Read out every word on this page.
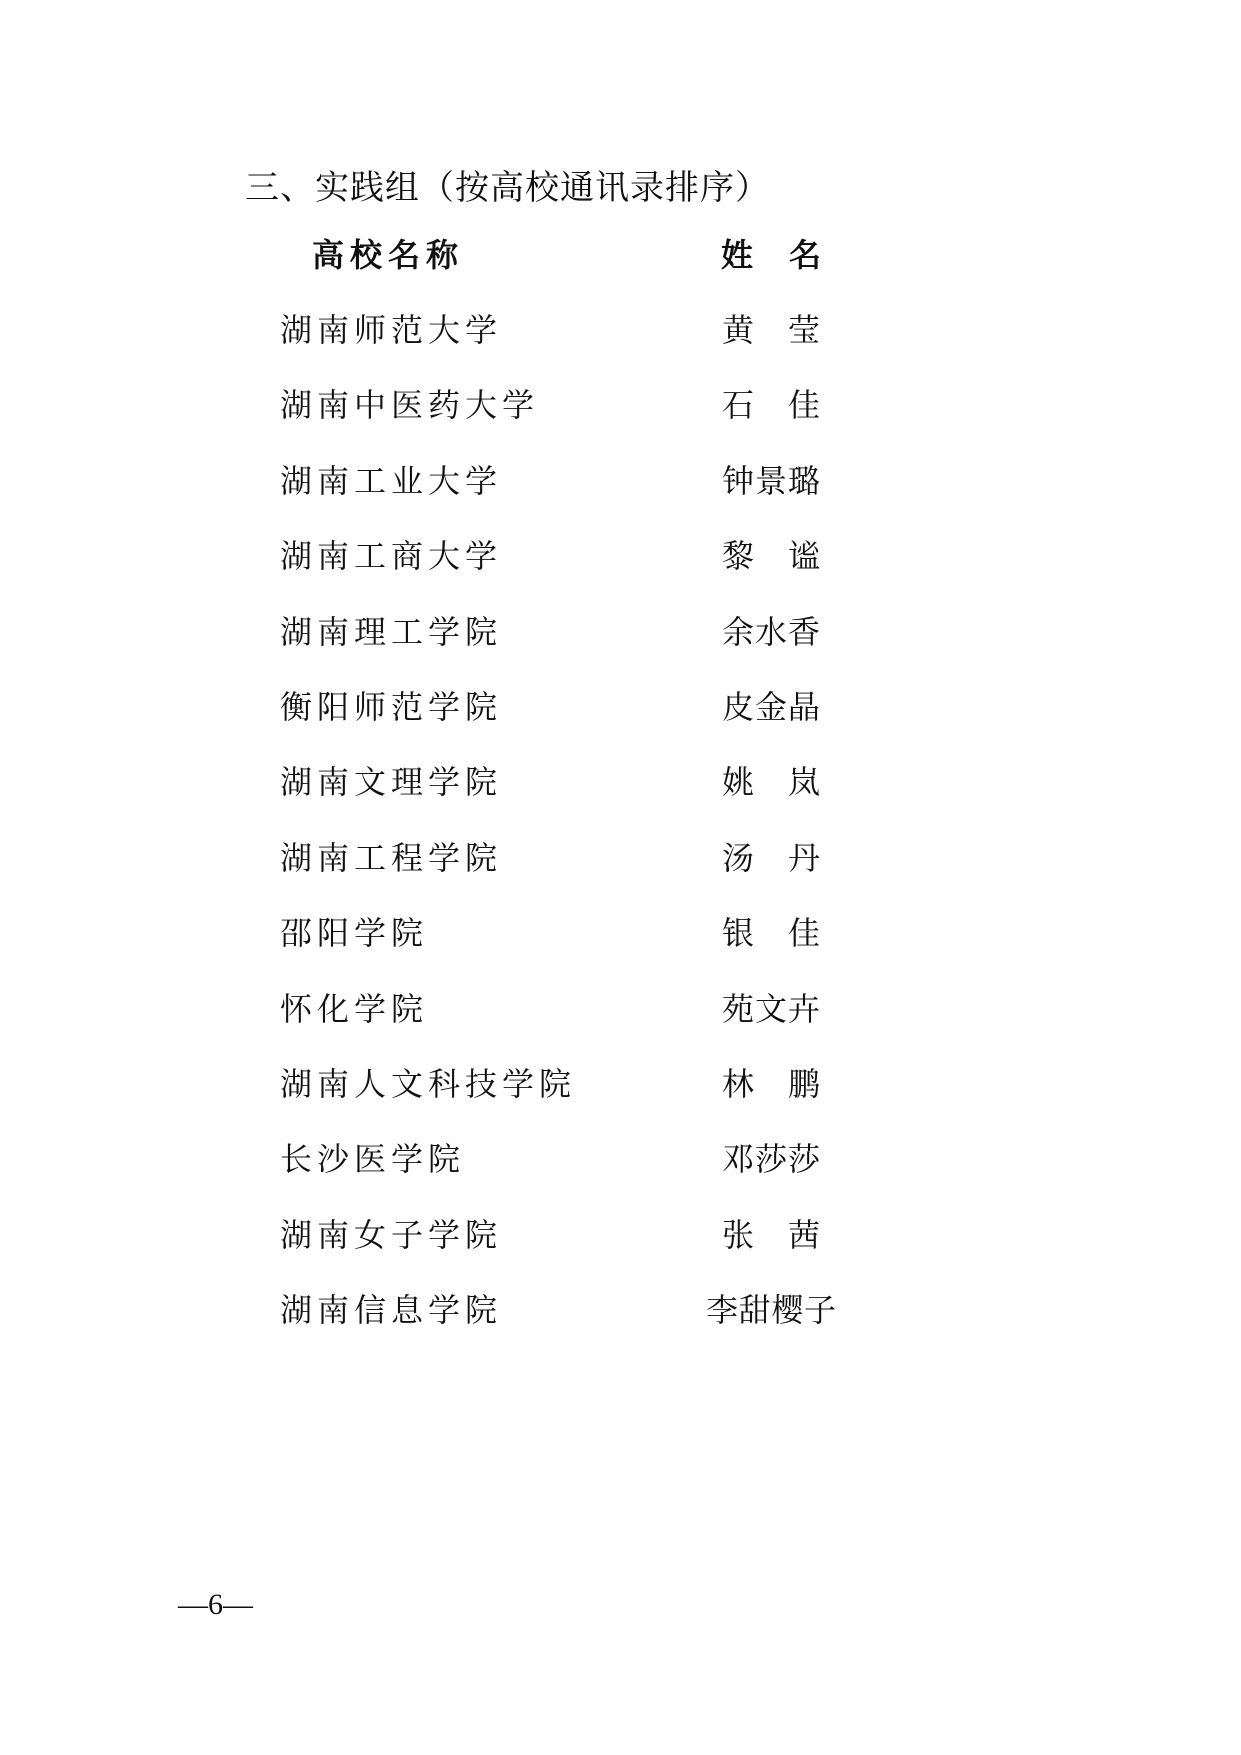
三、实践组（按高校通讯录排序）
高校名称	姓 名
湖南师范大学	黄 莹
湖南中医药大学	石 佳
湖南工业大学	钟景璐
湖南工商大学	黎 谧
湖南理工学院	余水香
衡阳师范学院	皮金晶
湖南文理学院	姚 岚
湖南工程学院	汤 丹
邵阳学院	银 佳
怀化学院	苑文卉
湖南人文科技学院	林 鹏
长沙医学院	邓莎莎
湖南女子学院	张 茜
湖南信息学院	李甜樱子
—6—
